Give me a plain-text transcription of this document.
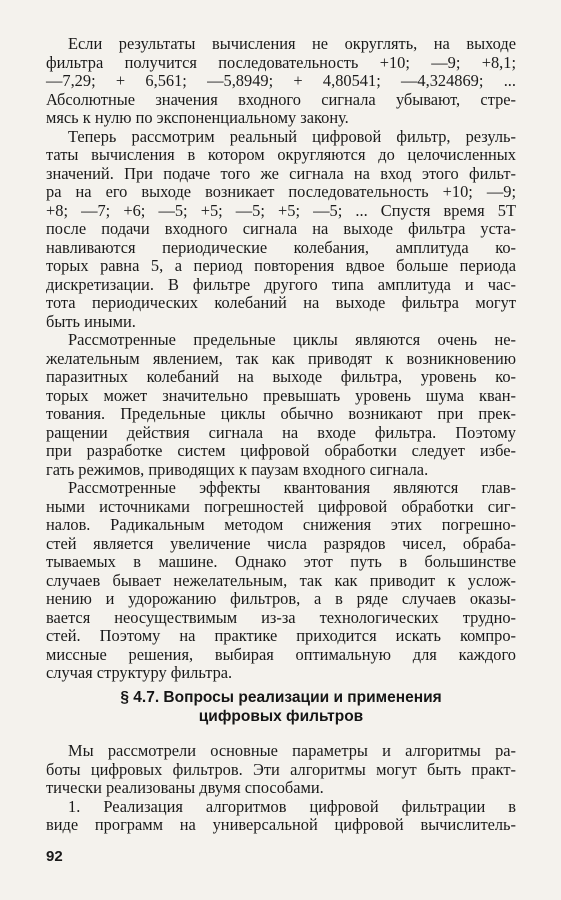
Если результаты вычисления не округлять, на выходе
фильтра получится последовательность +10; —9; +8,1;
—7,29; + 6,561; —5,8949; + 4,80541; —4,324869; ...
Абсолютные значения входного сигнала убывают, стре-
мясь к нулю по экспоненциальному закону.
Теперь рассмотрим реальный цифровой фильтр, резуль-
таты вычисления в котором округляются до целочисленных
значений. При подаче того же сигнала на вход этого фильт-
ра на его выходе возникает последовательность +10; —9;
+8; —7; +6; —5; +5; —5; +5; —5; ... Спустя время 5T
после подачи входного сигнала на выходе фильтра уста-
навливаются периодические колебания, амплитуда ко-
торых равна 5, а период повторения вдвое больше периода
дискретизации. В фильтре другого типа амплитуда и час-
тота периодических колебаний на выходе фильтра могут
быть иными.
Рассмотренные предельные циклы являются очень не-
желательным явлением, так как приводят к возникновению
паразитных колебаний на выходе фильтра, уровень ко-
торых может значительно превышать уровень шума кван-
тования. Предельные циклы обычно возникают при прек-
ращении действия сигнала на входе фильтра. Поэтому
при разработке систем цифровой обработки следует избе-
гать режимов, приводящих к паузам входного сигнала.
Рассмотренные эффекты квантования являются глав-
ными источниками погрешностей цифровой обработки сиг-
налов. Радикальным методом снижения этих погрешно-
стей является увеличение числа разрядов чисел, обраба-
тываемых в машине. Однако этот путь в большинстве
случаев бывает нежелательным, так как приводит к услож-
нению и удорожанию фильтров, а в ряде случаев оказы-
вается неосуществимым из-за технологических трудно-
стей. Поэтому на практике приходится искать компро-
миссные решения, выбирая оптимальную для каждого
случая структуру фильтра.
§ 4.7. Вопросы реализации и применения
цифровых фильтров
Мы рассмотрели основные параметры и алгоритмы ра-
боты цифровых фильтров. Эти алгоритмы могут быть практ-
тически реализованы двумя способами.
1. Реализация алгоритмов цифровой фильтрации в
виде программ на универсальной цифровой вычислитель-
92
